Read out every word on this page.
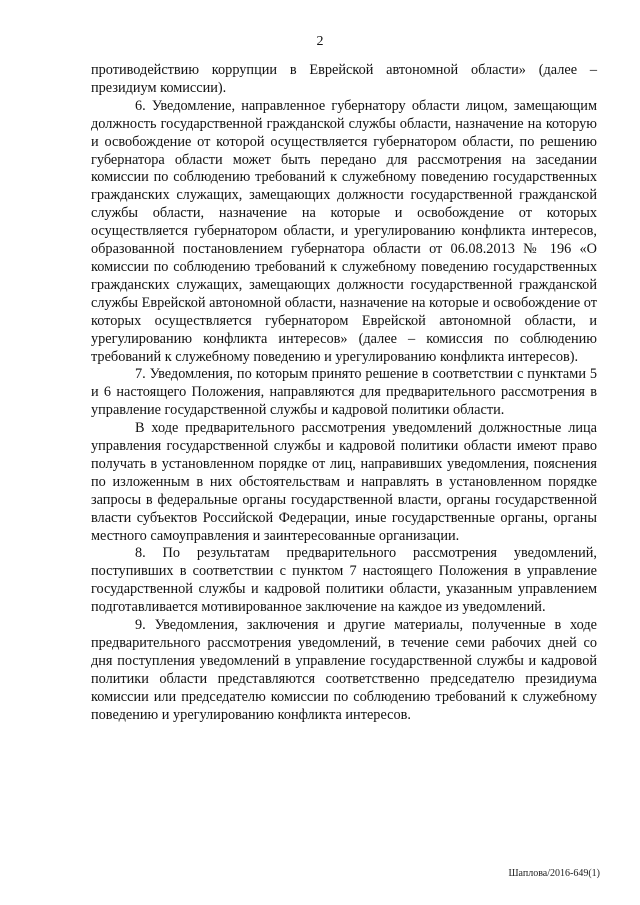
2

противодействию коррупции в Еврейской автономной области» (далее – президиум комиссии).

6. Уведомление, направленное губернатору области лицом, замещающим должность государственной гражданской службы области, назначение на которую и освобождение от которой осуществляется губернатором области, по решению губернатора области может быть передано для рассмотрения на заседании комиссии по соблюдению требований к служебному поведению государственных гражданских служащих, замещающих должности государственной гражданской службы области, назначение на которые и освобождение от которых осуществляется губернатором области, и урегулированию конфликта интересов, образованной постановлением губернатора области от 06.08.2013 № 196 «О комиссии по соблюдению требований к служебному поведению государственных гражданских служащих, замещающих должности государственной гражданской службы Еврейской автономной области, назначение на которые и освобождение от которых осуществляется губернатором Еврейской автономной области, и урегулированию конфликта интересов» (далее – комиссия по соблюдению требований к служебному поведению и урегулированию конфликта интересов).

7. Уведомления, по которым принято решение в соответствии с пунктами 5 и 6 настоящего Положения, направляются для предварительного рассмотрения в управление государственной службы и кадровой политики области.

В ходе предварительного рассмотрения уведомлений должностные лица управления государственной службы и кадровой политики области имеют право получать в установленном порядке от лиц, направивших уведомления, пояснения по изложенным в них обстоятельствам и направлять в установленном порядке запросы в федеральные органы государственной власти, органы государственной власти субъектов Российской Федерации, иные государственные органы, органы местного самоуправления и заинтересованные организации.

8. По результатам предварительного рассмотрения уведомлений, поступивших в соответствии с пунктом 7 настоящего Положения в управление государственной службы и кадровой политики области, указанным управлением подготавливается мотивированное заключение на каждое из уведомлений.

9. Уведомления, заключения и другие материалы, полученные в ходе предварительного рассмотрения уведомлений, в течение семи рабочих дней со дня поступления уведомлений в управление государственной службы и кадровой политики области представляются соответственно председателю президиума комиссии или председателю комиссии по соблюдению требований к служебному поведению и урегулированию конфликта интересов.

Шаплова/2016-649(1)
